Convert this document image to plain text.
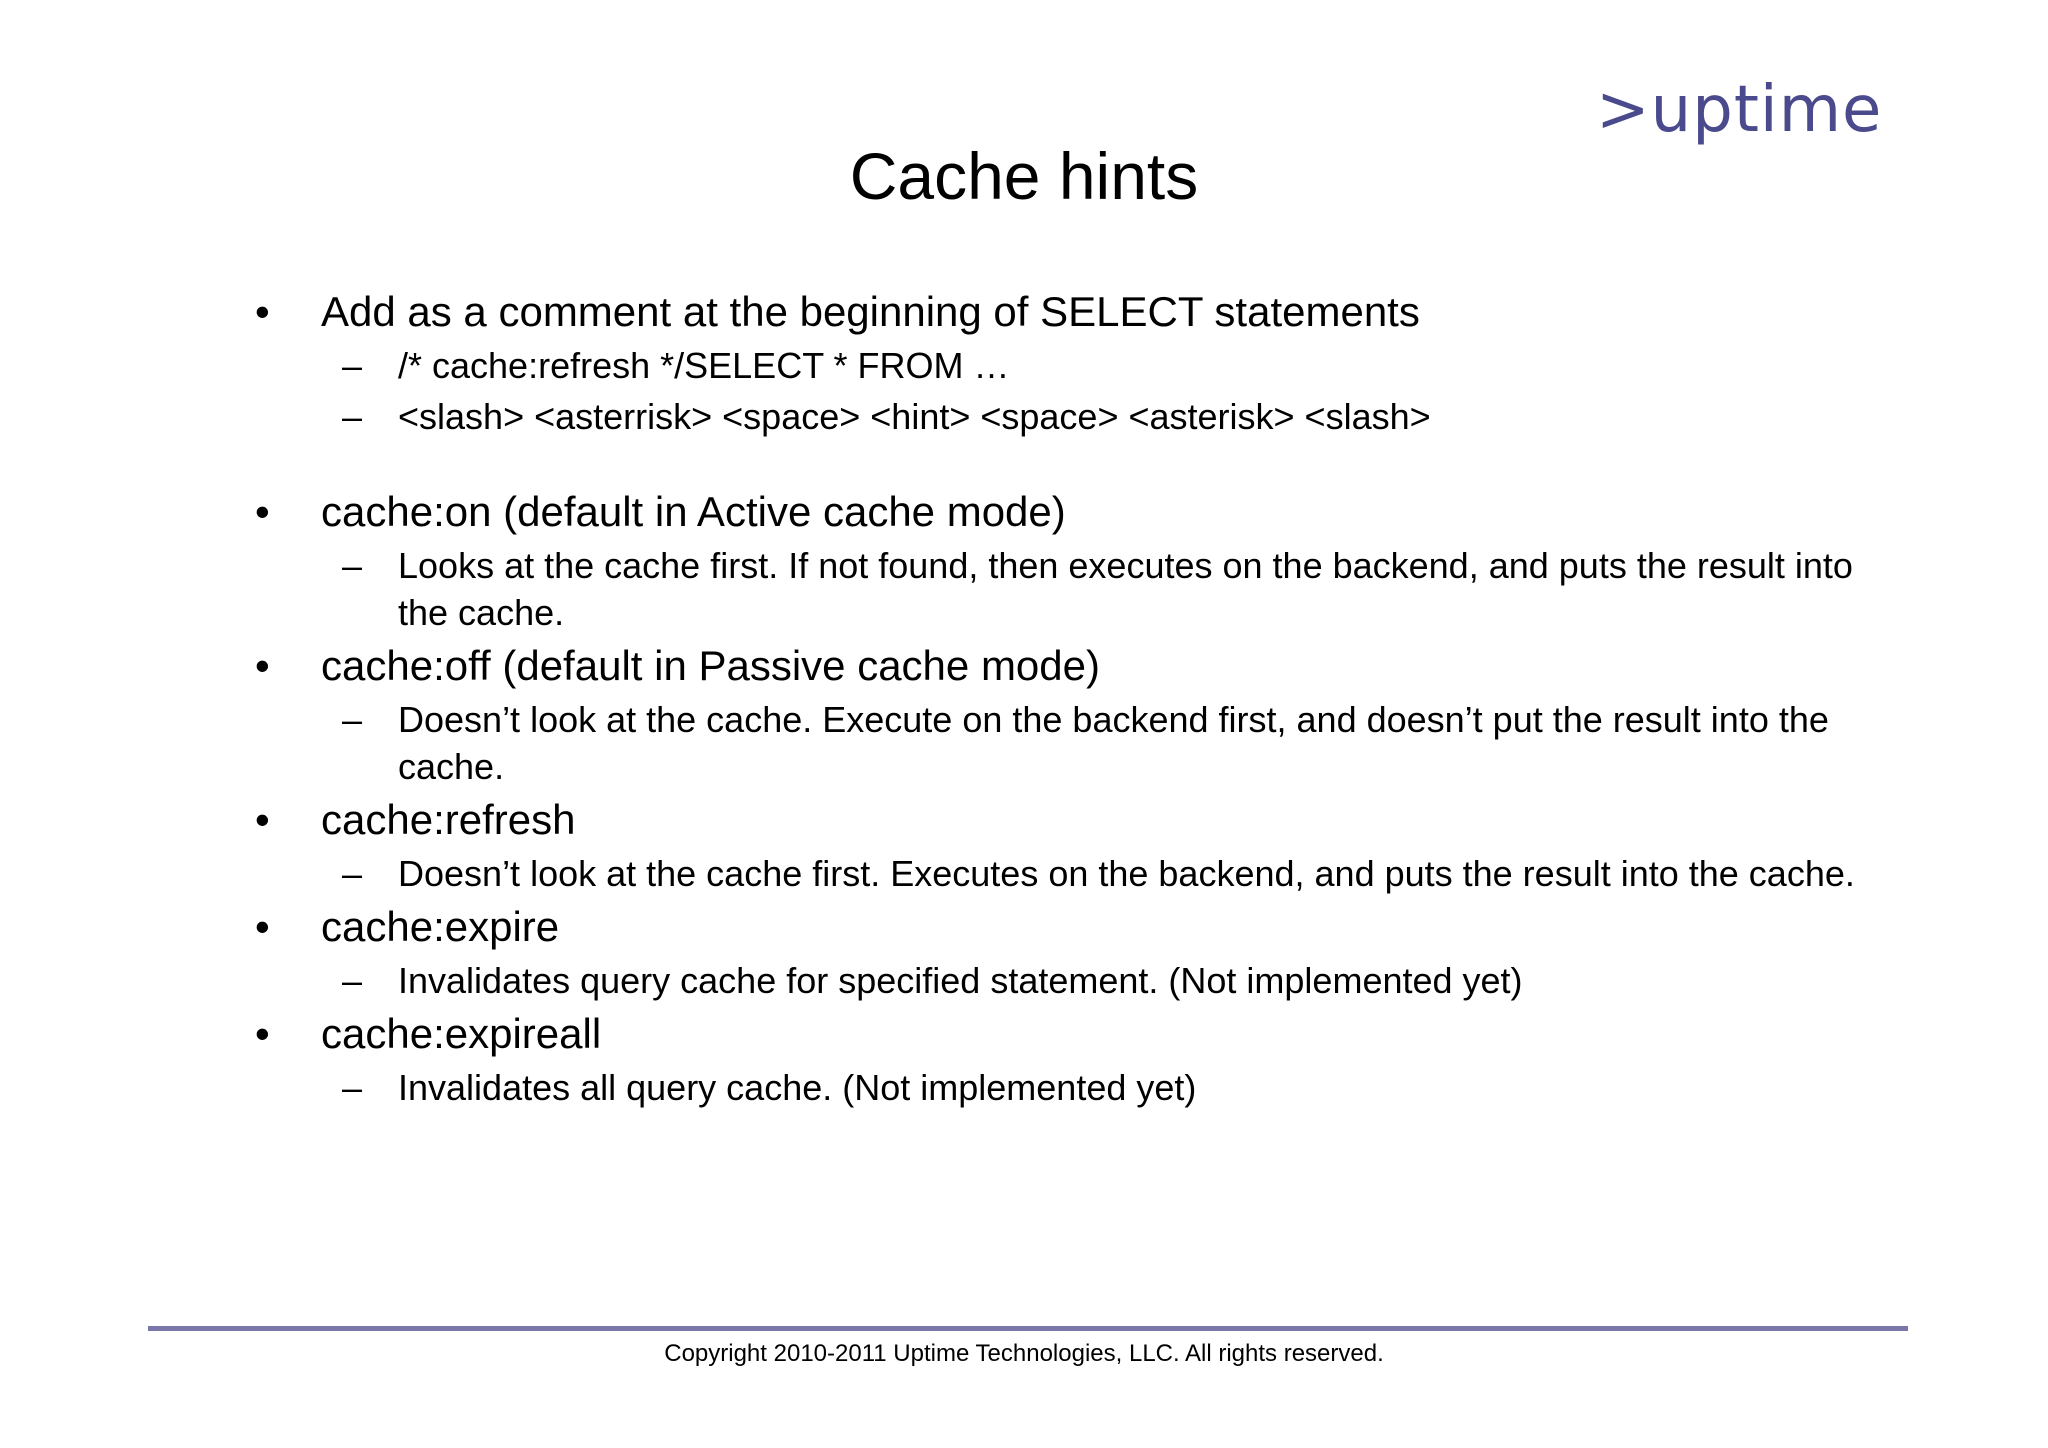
>uptime
Cache hints
• Add as a comment at the beginning of SELECT statements
– /* cache:refresh */SELECT * FROM …
– <slash> <asterrisk> <space> <hint> <space> <asterisk> <slash>
• cache:on (default in Active cache mode)
– Looks at the cache first. If not found, then executes on the backend, and puts the result into the cache.
• cache:off (default in Passive cache mode)
– Doesn’t look at the cache. Execute on the backend first, and doesn’t put the result into the cache.
• cache:refresh
– Doesn’t look at the cache first. Executes on the backend, and puts the result into the cache.
• cache:expire
– Invalidates query cache for specified statement. (Not implemented yet)
• cache:expireall
– Invalidates all query cache. (Not implemented yet)
Copyright 2010-2011 Uptime Technologies, LLC. All rights reserved.
